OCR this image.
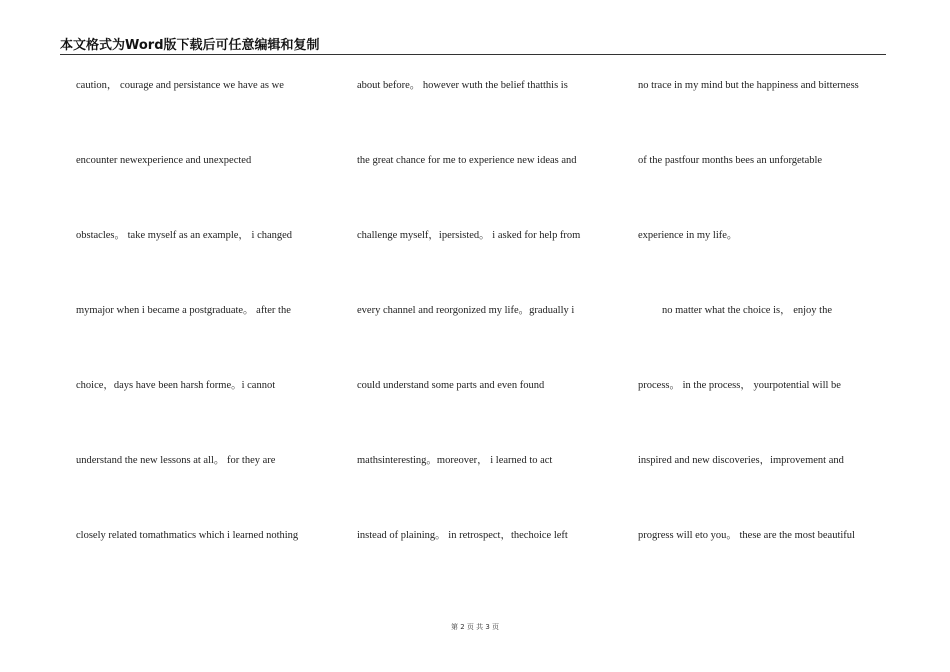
本文格式为Word版下载后可任意编辑和复制
caution， courage and persistance we have as we
encounter newexperience and unexpected
obstacles。 take myself as an example， i changed
mymajor when i became a postgraduate。 after the
choice，days have been harsh forme。i cannot
understand the new lessons at all。 for they are
closely related tomathmatics which i learned nothing
about before。 however wuth the belief thatthis is
the great chance for me to experience new ideas and
challenge myself，ipersisted。 i asked for help from
every channel and reorgonized my life。gradually i
could understand some parts and even found
mathsinteresting。moreover， i learned to act
instead of plaining。 in retrospect，thechoice left
no trace in my mind but the happiness and bitterness
of the pastfour months bees an unforgetable
experience in my life。
no matter what the choice is， enjoy the
process。 in the process， yourpotential will be
inspired and new discoveries，improvement and
progress will eto you。 these are the most beautiful
第 2 页 共 3 页
